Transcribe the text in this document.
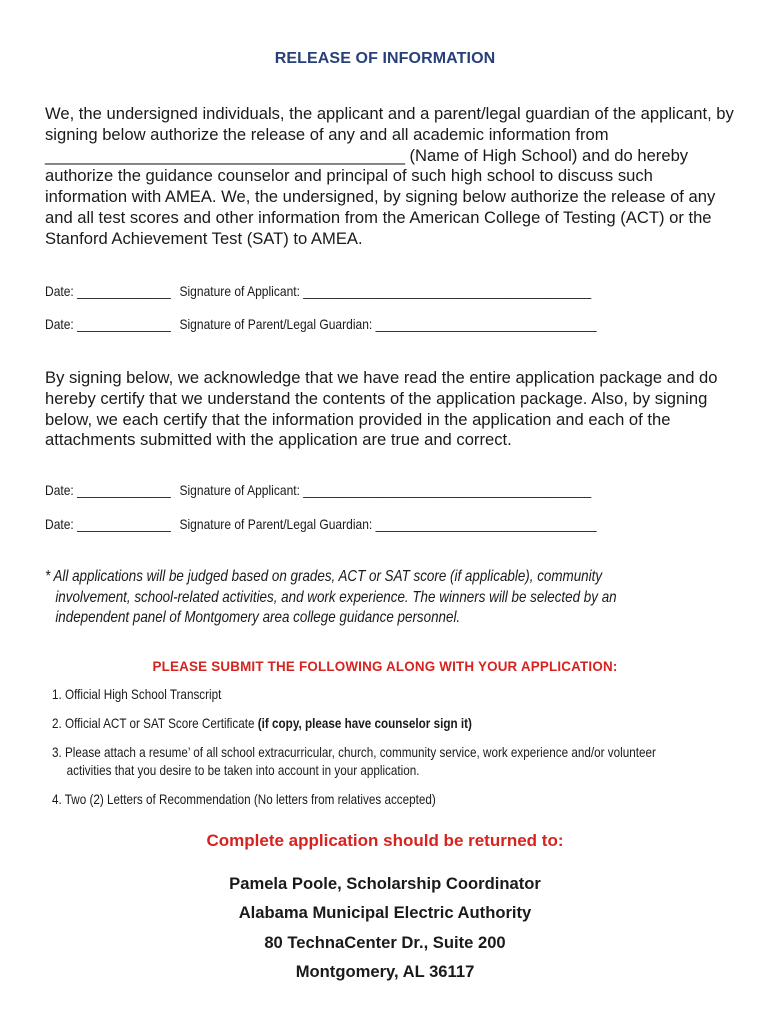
RELEASE OF INFORMATION

We, the undersigned individuals, the applicant and a parent/legal guardian of the applicant, by signing below authorize the release of any and all academic information from _______________________________________ (Name of High School) and do hereby authorize the guidance counselor and principal of such high school to discuss such information with AMEA. We, the undersigned, by signing below authorize the release of any and all test scores and other information from the American College of Testing (ACT) or the Stanford Achievement Test (SAT) to AMEA.

Date: ______________ Signature of Applicant: ___________________________________________
Date: ______________ Signature of Parent/Legal Guardian: _________________________________

By signing below, we acknowledge that we have read the entire application package and do hereby certify that we understand the contents of the application package. Also, by signing below, we each certify that the information provided in the application and each of the attachments submitted with the application are true and correct.

Date: ______________ Signature of Applicant: ___________________________________________
Date: ______________ Signature of Parent/Legal Guardian: _________________________________
* All applications will be judged based on grades, ACT or SAT score (if applicable), community
involvement, school-related activities, and work experience. The winners will be selected by an
independent panel of Montgomery area college guidance personnel.
PLEASE SUBMIT THE FOLLOWING ALONG WITH YOUR APPLICATION:
1. Official High School Transcript
2. Official ACT or SAT Score Certificate (if copy, please have counselor sign it)
3. Please attach a resume’ of all school extracurricular, church, community service, work experience and/or volunteer
activities that you desire to be taken into account in your application.
4. Two (2) Letters of Recommendation (No letters from relatives accepted)
Complete application should be returned to:
Pamela Poole, Scholarship Coordinator
Alabama Municipal Electric Authority
80 TechnaCenter Dr., Suite 200
Montgomery, AL 36117
